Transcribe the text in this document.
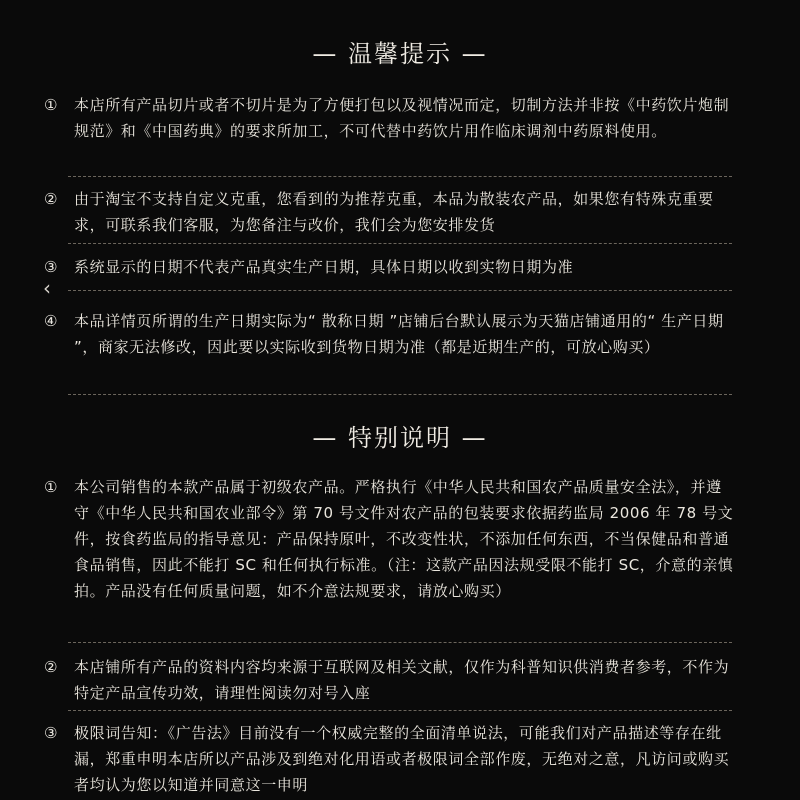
— 温馨提示 —
① 本店所有产品切片或者不切片是为了方便打包以及视情况而定，切制方法并非按《中药饮片炮制规范》和《中国药典》的要求所加工，不可代替中药饮片用作临床调剂中药原料使用。
② 由于淘宝不支持自定义克重，您看到的为推荐克重，本品为散装农产品，如果您有特殊克重要求，可联系我们客服，为您备注与改价，我们会为您安排发货
③ 系统显示的日期不代表产品真实生产日期，具体日期以收到实物日期为准
‹
④ 本品详情页所谓的生产日期实际为“ 散称日期 ”店铺后台默认展示为天猫店铺通用的“ 生产日期 ”，商家无法修改，因此要以实际收到货物日期为准（都是近期生产的，可放心购买）
— 特别说明 —
① 本公司销售的本款产品属于初级农产品。严格执行《中华人民共和国农产品质量安全法》，并遵守《中华人民共和国农业部令》第 70 号文件对农产品的包装要求依据药监局 2006 年 78 号文件，按食药监局的指导意见：产品保持原叶，不改变性状，不添加任何东西，不当保健品和普通食品销售，因此不能打 SC 和任何执行标准。（注：这款产品因法规受限不能打 SC，介意的亲慎拍。产品没有任何质量问题，如不介意法规要求，请放心购买）
② 本店铺所有产品的资料内容均来源于互联网及相关文献，仅作为科普知识供消费者参考，不作为特定产品宣传功效，请理性阅读勿对号入座
③ 极限词告知：《广告法》目前没有一个权威完整的全面清单说法，可能我们对产品描述等存在纰漏，郑重申明本店所以产品涉及到绝对化用语或者极限词全部作废，无绝对之意，凡访问或购买者均认为您以知道并同意这一申明
